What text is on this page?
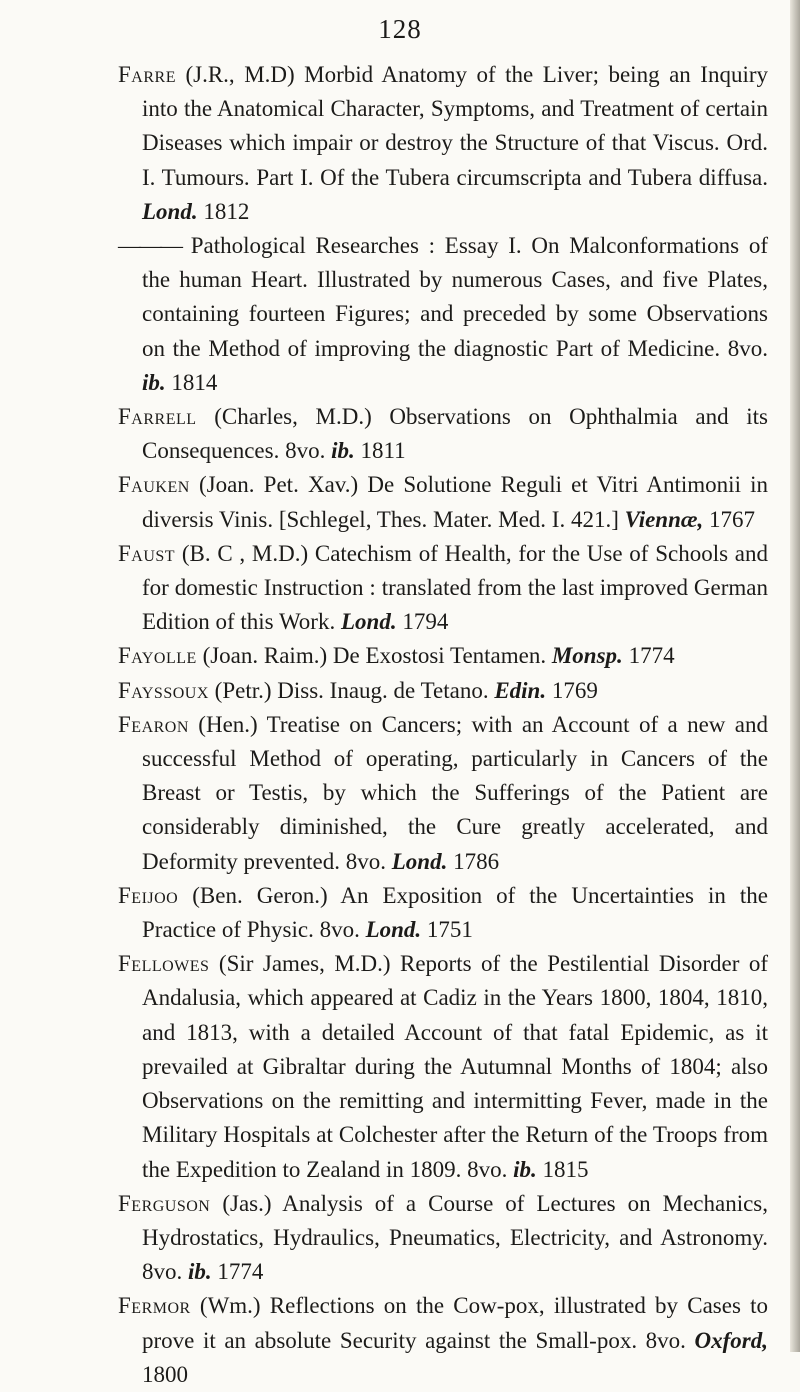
128
Farre (J.R., M.D) Morbid Anatomy of the Liver; being an Inquiry into the Anatomical Character, Symptoms, and Treatment of certain Diseases which impair or destroy the Structure of that Viscus. Ord. I. Tumours. Part I. Of the Tubera circumscripta and Tubera diffusa. Lond. 1812
——— Pathological Researches : Essay I. On Malconformations of the human Heart. Illustrated by numerous Cases, and five Plates, containing fourteen Figures; and preceded by some Observations on the Method of improving the diagnostic Part of Medicine. 8vo. ib. 1814
Farrell (Charles, M.D.) Observations on Ophthalmia and its Consequences. 8vo. ib. 1811
Fauken (Joan. Pet. Xav.) De Solutione Reguli et Vitri Antimonii in diversis Vinis. [Schlegel, Thes. Mater. Med. I. 421.] Viennæ, 1767
Faust (B. C , M.D.) Catechism of Health, for the Use of Schools and for domestic Instruction : translated from the last improved German Edition of this Work. Lond. 1794
Fayolle (Joan. Raim.) De Exostosi Tentamen. Monsp. 1774
Fayssoux (Petr.) Diss. Inaug. de Tetano. Edin. 1769
Fearon (Hen.) Treatise on Cancers; with an Account of a new and successful Method of operating, particularly in Cancers of the Breast or Testis, by which the Sufferings of the Patient are considerably diminished, the Cure greatly accelerated, and Deformity prevented. 8vo. Lond. 1786
Feijoo (Ben. Geron.) An Exposition of the Uncertainties in the Practice of Physic. 8vo. Lond. 1751
Fellowes (Sir James, M.D.) Reports of the Pestilential Disorder of Andalusia, which appeared at Cadiz in the Years 1800, 1804, 1810, and 1813, with a detailed Account of that fatal Epidemic, as it prevailed at Gibraltar during the Autumnal Months of 1804; also Observations on the remitting and intermitting Fever, made in the Military Hospitals at Colchester after the Return of the Troops from the Expedition to Zealand in 1809. 8vo. ib. 1815
Ferguson (Jas.) Analysis of a Course of Lectures on Mechanics, Hydrostatics, Hydraulics, Pneumatics, Electricity, and Astronomy. 8vo. ib. 1774
Fermor (Wm.) Reflections on the Cow-pox, illustrated by Cases to prove it an absolute Security against the Small-pox. 8vo. Oxford, 1800
